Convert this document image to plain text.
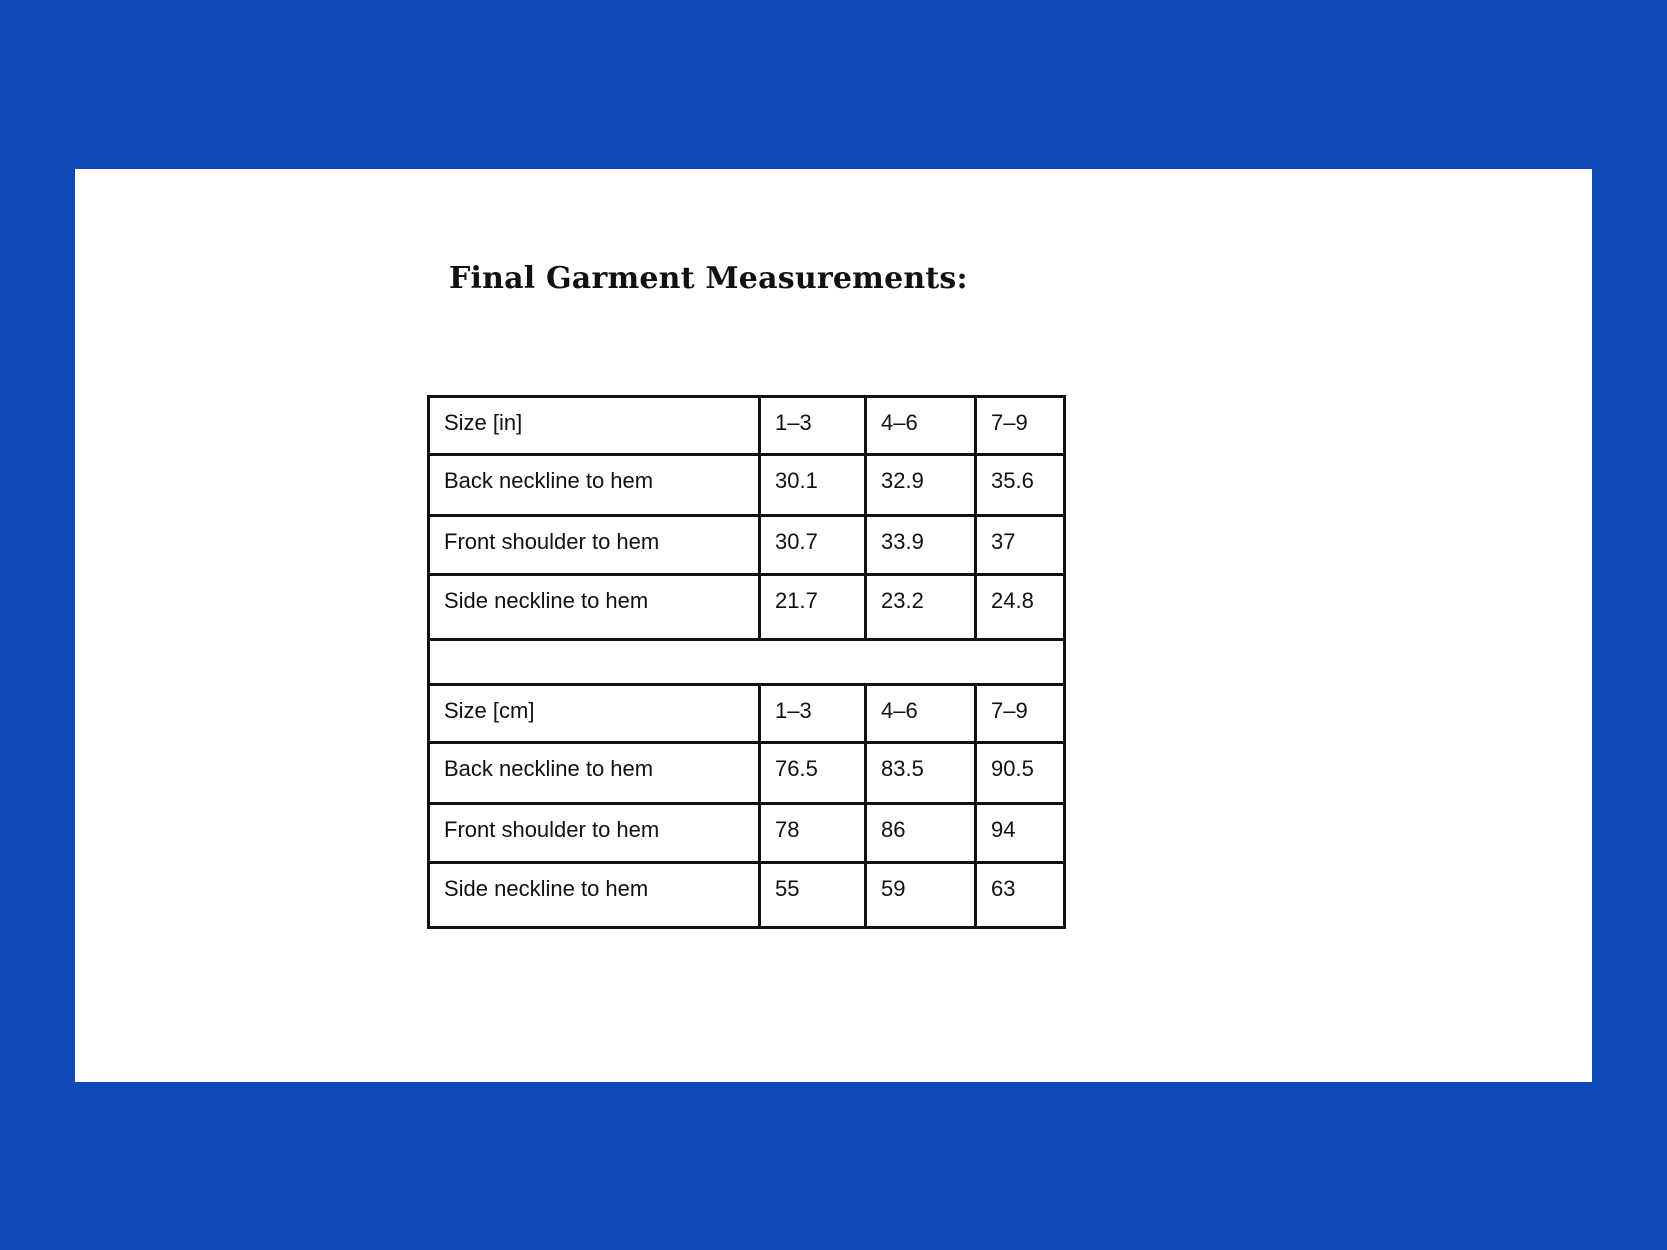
Final Garment Measurements:
Size [in]	1–3	4–6	7–9
Back neckline to hem	30.1	32.9	35.6
Front shoulder to hem	30.7	33.9	37
Side neckline to hem	21.7	23.2	24.8

Size [cm]	1–3	4–6	7–9
Back neckline to hem	76.5	83.5	90.5
Front shoulder to hem	78	86	94
Side neckline to hem	55	59	63
